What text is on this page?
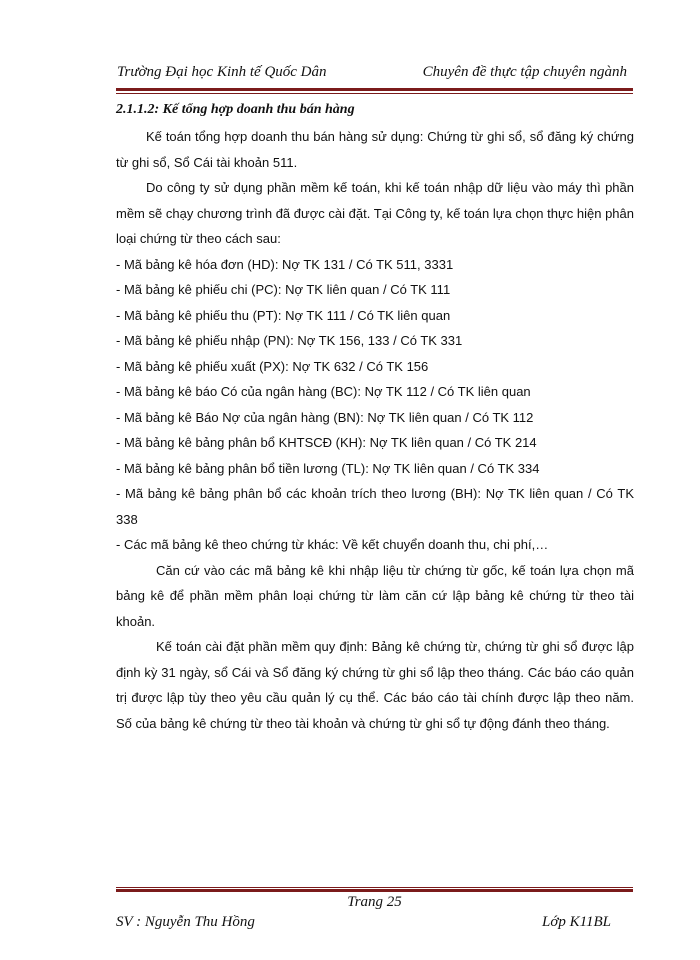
Trường Đại học Kinh tế Quốc Dân	Chuyên đề thực tập chuyên ngành

2.1.1.2: Kế tổng hợp doanh thu bán hàng

Kế toán tổng hợp doanh thu bán hàng sử dụng: Chứng từ ghi sổ, sổ đăng ký chứng từ ghi sổ, Sổ Cái tài khoản 511.

Do công ty sử dụng phần mềm kế toán, khi kế toán nhập dữ liệu vào máy thì phần mềm sẽ chạy chương trình đã được cài đặt. Tại Công ty, kế toán lựa chọn thực hiện phân loại chứng từ theo cách sau:

- Mã bảng kê hóa đơn (HD): Nợ TK 131 / Có TK 511, 3331

- Mã bảng kê phiếu chi (PC): Nợ TK liên quan / Có TK 111

- Mã bảng kê phiếu thu (PT): Nợ TK 111 / Có TK liên quan

- Mã bảng kê phiếu nhập (PN): Nợ TK 156, 133 / Có TK 331

- Mã bảng kê phiếu xuất (PX): Nợ TK 632 / Có TK 156

- Mã bảng kê báo Có của ngân hàng (BC): Nợ TK 112 / Có TK liên quan

- Mã bảng kê Báo Nợ của ngân hàng (BN): Nợ TK liên quan / Có TK 112

- Mã bảng kê bảng phân bổ KHTSCĐ (KH): Nợ TK liên quan / Có TK 214

- Mã bảng kê bảng phân bổ tiền lương (TL): Nợ TK liên quan / Có TK 334

- Mã bảng kê bảng phân bổ các khoản trích theo lương (BH): Nợ TK liên quan / Có TK 338

- Các mã bảng kê theo chứng từ khác: Về kết chuyển doanh thu, chi phí,…

Căn cứ vào các mã bảng kê khi nhập liệu từ chứng từ gốc, kế toán lựa chọn mã bảng kê để phần mềm phân loại chứng từ làm căn cứ lập bảng kê chứng từ theo tài khoản.

Kế toán cài đặt phần mềm quy định: Bảng kê chứng từ, chứng từ ghi sổ được lập định kỳ 31 ngày, sổ Cái và Sổ đăng ký chứng từ ghi sổ lập theo tháng. Các báo cáo quản trị được lập tùy theo yêu cầu quản lý cụ thể. Các báo cáo tài chính được lập theo năm. Số của bảng kê chứng từ theo tài khoản và chứng từ ghi sổ tự động đánh theo tháng.

Trang 25
SV : Nguyễn Thu Hồng	Lớp K11BL
